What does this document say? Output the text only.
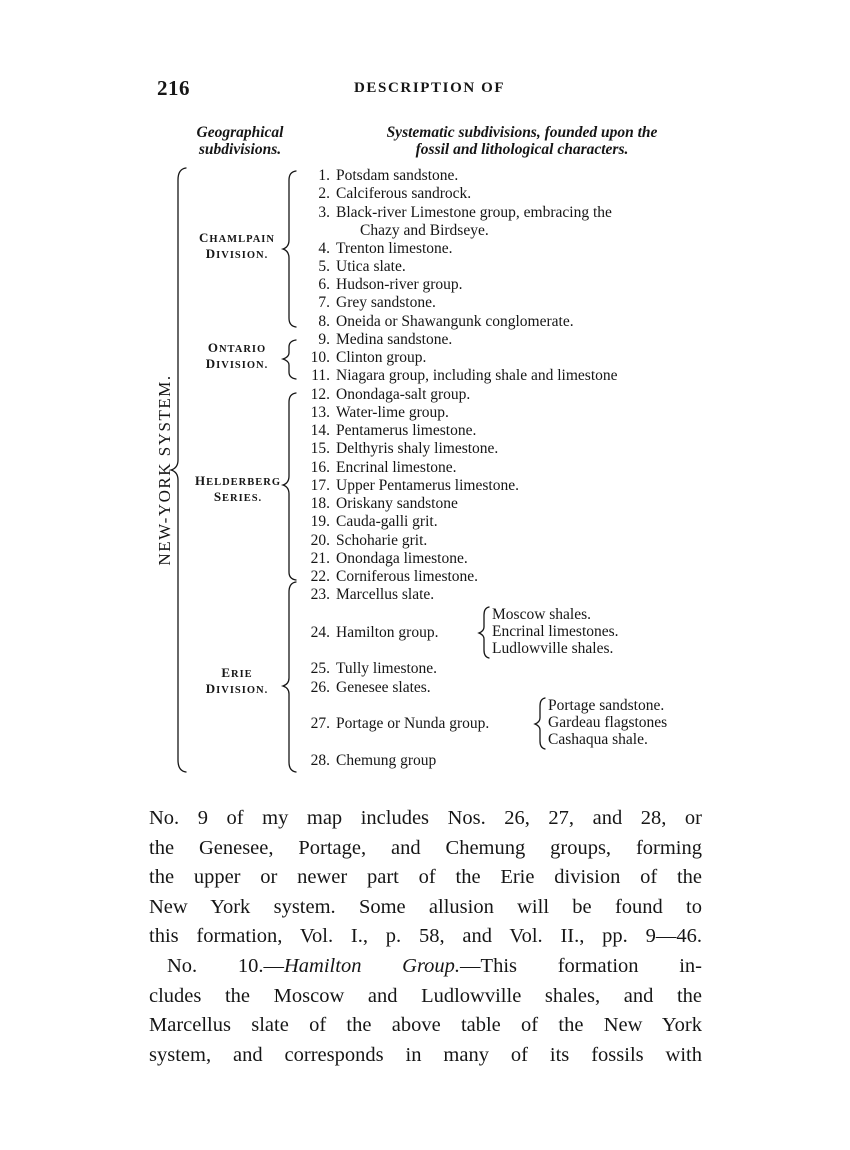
216	DESCRIPTION OF
Geographical
subdivisions.
Systematic subdivisions, founded upon the
fossil and lithological characters.
NEW-YORK SYSTEM.
CHAMLPAIN
DIVISION.
ONTARIO
DIVISION.
HELDERBERG
SERIES.
ERIE
DIVISION.
1. Potsdam sandstone.
2. Calciferous sandrock.
3. Black-river Limestone group, embracing the
Chazy and Birdseye.
4. Trenton limestone.
5. Utica slate.
6. Hudson-river group.
7. Grey sandstone.
8. Oneida or Shawangunk conglomerate.
9. Medina sandstone.
10. Clinton group.
11. Niagara group, including shale and limestone
12. Onondaga-salt group.
13. Water-lime group.
14. Pentamerus limestone.
15. Delthyris shaly limestone.
16. Encrinal limestone.
17. Upper Pentamerus limestone.
18. Oriskany sandstone
19. Cauda-galli grit.
20. Schoharie grit.
21. Onondaga limestone.
22. Corniferous limestone.
23. Marcellus slate.
24. Hamilton group.
25. Tully limestone.
26. Genesee slates.
27. Portage or Nunda group.
28. Chemung group
Moscow shales.
Encrinal limestones.
Ludlowville shales.
Portage sandstone.
Gardeau flagstones
Cashaqua shale.
No. 9 of my map includes Nos. 26, 27, and 28, or
the Genesee, Portage, and Chemung groups, forming
the upper or newer part of the Erie division of the
New York system. Some allusion will be found to
this formation, Vol. I., p. 58, and Vol. II., pp. 9—46.
No. 10.—Hamilton Group.—This formation in-
cludes the Moscow and Ludlowville shales, and the
Marcellus slate of the above table of the New York
system, and corresponds in many of its fossils with
